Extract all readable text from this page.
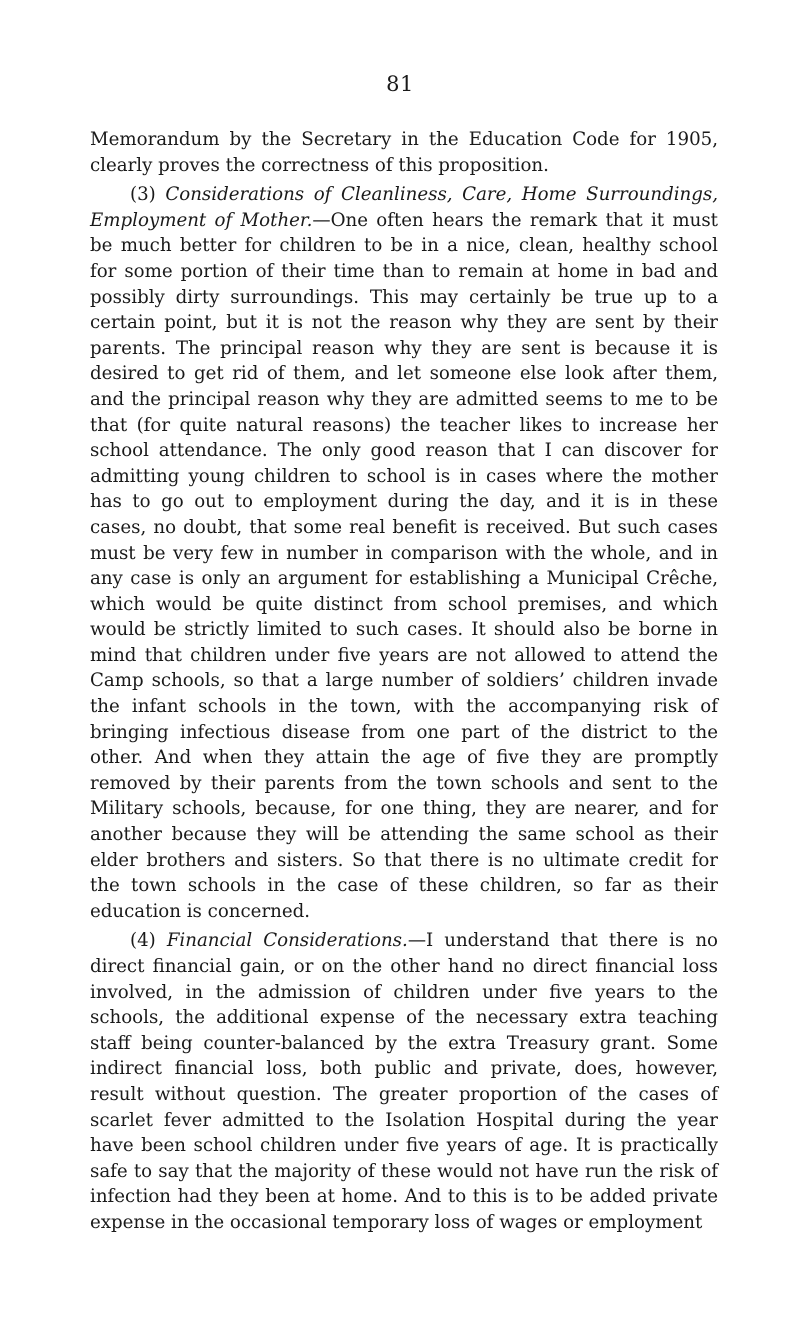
81

Memorandum by the Secretary in the Education Code for 1905, clearly proves the correctness of this proposition.

(3) Considerations of Cleanliness, Care, Home Surroundings, Employment of Mother.—One often hears the remark that it must be much better for children to be in a nice, clean, healthy school for some portion of their time than to remain at home in bad and possibly dirty surroundings. This may certainly be true up to a certain point, but it is not the reason why they are sent by their parents. The principal reason why they are sent is because it is desired to get rid of them, and let someone else look after them, and the principal reason why they are admitted seems to me to be that (for quite natural reasons) the teacher likes to increase her school attendance. The only good reason that I can discover for admitting young children to school is in cases where the mother has to go out to employment during the day, and it is in these cases, no doubt, that some real benefit is received. But such cases must be very few in number in comparison with the whole, and in any case is only an argument for establishing a Municipal Crêche, which would be quite distinct from school premises, and which would be strictly limited to such cases. It should also be borne in mind that children under five years are not allowed to attend the Camp schools, so that a large number of soldiers’ children invade the infant schools in the town, with the accompanying risk of bringing infectious disease from one part of the district to the other. And when they attain the age of five they are promptly removed by their parents from the town schools and sent to the Military schools, because, for one thing, they are nearer, and for another because they will be attending the same school as their elder brothers and sisters. So that there is no ultimate credit for the town schools in the case of these children, so far as their education is concerned.

(4) Financial Considerations.—I understand that there is no direct financial gain, or on the other hand no direct financial loss involved, in the admission of children under five years to the schools, the additional expense of the necessary extra teaching staff being counter-balanced by the extra Treasury grant. Some indirect financial loss, both public and private, does, however, result without question. The greater proportion of the cases of scarlet fever admitted to the Isolation Hospital during the year have been school children under five years of age. It is practically safe to say that the majority of these would not have run the risk of infection had they been at home. And to this is to be added private expense in the occasional temporary loss of wages or employment
